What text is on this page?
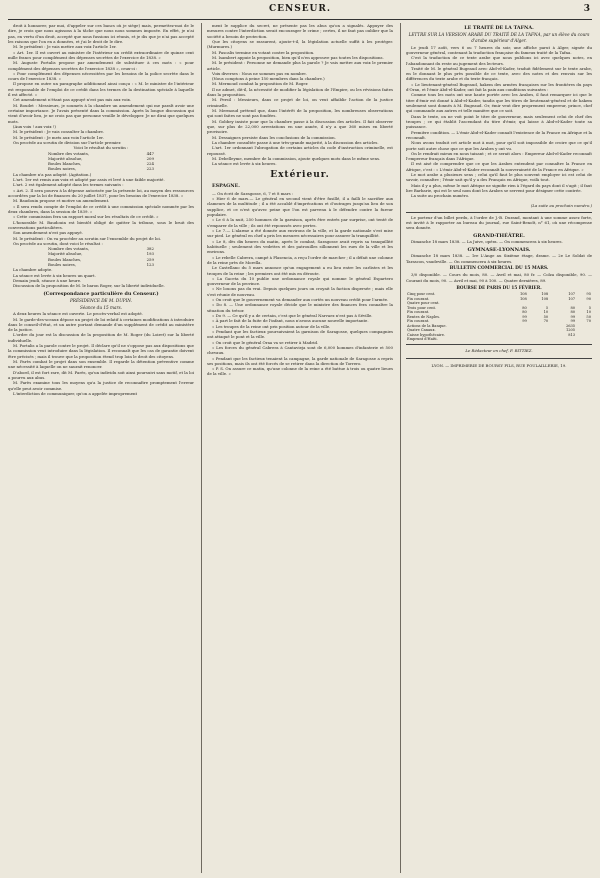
CENSEUR.	3

droit à honnorer, par moi, d'appeler sur ces bancs où je siège) mais, permettez-moi de le dire, je crois que nous agissons à la tâche que nous nous sommes imposée. En effet, je n'ai pas, en vertu d'un droit, accepté que nous fussions ici réunis, et je dis que je n'ai pas accepté les raisons que l'on en a données, et j'ai le droit de le dire.

M. le président : Je vais mettre aux voix l'article 1er.

« Art. 1er. Il est ouvert au ministre de l'intérieur un crédit extraordinaire de quinze cent mille francs pour complément des dépenses secrètes de l'exercice de 1838. »

M. Auguste Portalis propose par amendement de substituer à ces mots : « pour complément des dépenses secrètes de l'exercice 1838 », ceux-ci :

« Pour complément des dépenses nécessitées par les besoins de la police secrète dans le cours de l'exercice 1838. »

Il propose en outre un paragraphe additionnel ainsi conçu : « M. le ministre de l'intérieur est responsable de l'emploi de ce crédit dans les termes de la destination spéciale à laquelle il est affecté. »

Cet amendement n'étant pas appuyé n'est pas mis aux voix.

M. Boudet : Messieurs, je soumets à la chambre un amendement qui me paraît avoir une certaine importance. Je l'avais présenté dans la commission. Après la longue discussion qui vient d'avoir lieu, je ne crois pas que personne veuille le développer. Je ne dirai que quelques mots.

(Aux voix ! aux voix !)

M. le président : Je vais consulter la chambre.

M. le président : Je mets aux voix l'article 1er.

On procède au scrutin de division sur l'article premier.

Voici le résultat du scrutin :

Nombre des votants,	447
Majorité absolue,	209
Boules blanches,	224
Boules noires,	223

La chambre n'a pas adopté. (Agitation.)

L'art. 1er est remis aux voix et adopté par assis et levé à une faible majorité.

L'art. 2 est également adopté dans les termes suivants :

« Art. 2. Il sera pourvu à la dépense autorisée par la présente loi, au moyen des ressources accordées par la loi de finances du 20 juillet 1837, pour les besoins de l'exercice 1838. »

M. Baudouin propose et motive un amendement.

« Il sera rendu compte de l'emploi de ce crédit à une commission spéciale nommée par les deux chambres, dans la session de 1839. »

« Cette commission fera un rapport moral sur les résultats de ce crédit. »

L'honorable M. Baudouin est bientôt obligé de quitter la tribune, sous le bruit des conversations particulières.

Son amendement n'est pas appuyé.

M. le président : On va procéder au scrutin sur l'ensemble du projet de loi.

On procède au scrutin, dont voici le résultat :

Nombre des votants,	382
Majorité absolue,	193
Boules blanches,	259
Boules noires,	123

La chambre adopte.

La séance est levée à six heures un quart.

Demain jeudi, séance à une heure.

Discussion de la proposition de M. le baron Roger, sur la liberté individuelle.

(Correspondance particulière du Censeur.)

PRÉSIDENCE DE M. DUPIN.

Séance du 15 mars.

A deux heures la séance est ouverte. Le procès-verbal est adopté.

M. le garde-des-sceaux dépose un projet de loi relatif à certaines modifications à introduire dans le conseil-d'état, et un autre portant demande d'un supplément de crédit au ministère de la justice.

L'ordre du jour est la discussion de la proposition de M. Roger (du Loiret) sur la liberté individuelle.

M. Portalis a la parole contre le projet. Il déclare qu'il ne s'oppose pas aux dispositions que la commission veut introduire dans la législation. Il reconnaît que les cas de garantie doivent être précisés ; mais il trouve que la proposition étend trop loin le droit des citoyens.

M. Parès combat le projet dans son ensemble. Il regarde la détention préventive comme une nécessité à laquelle on ne saurait renoncer.

D'abord, il est fort rare, dit M. Parès, qu'un individu soit ainsi poursuivi sans motif, et la loi a pourvu aux abus.

M. Parès examine tous les moyens qu'a la justice de reconnaître promptement l'erreur qu'elle peut avoir commise.

L'interdiction de communiquer, qu'on a appelée improprement

ment le supplice du secret, ne présente pas les abus qu'on a signalés. Appuyer des mesures contre l'interdiction serait encourager le crime ; certes, il ne faut pas oublier que la société a besoin de protection.

Que les citoyens se rassurent, ajoute-t-il, la législation actuelle suffit à les protéger. (Murmures.)

M. Pascalis termine en votant contre la proposition.

M. Isambert appuie la proposition, bien qu'il n'en approuve pas toutes les dispositions.

M. le président : Personne ne demande plus la parole ? Je vais mettre aux voix le premier article.

Voix diverses : Nous ne sommes pas en nombre.

(Nous comptons à peine 150 membres dans la chambre.)

M. Mermoud combat la proposition de M. Roger.

Il ne admet, dit-il, la nécessité de modifier la législation de l'Empire, ou les révisions faites dans la proposition.

M. Persil : Messieurs, dans ce projet de loi, on veut affaiblir l'action de la justice criminelle.

M. Mermoud prétend que, dans l'intérêt de la proposition, les nombreuses observations qui sont faites ne sont pas fondées.

M. Gobbey insiste pour que la chambre passe à la discussion des articles. Il fait observer que, sur plus de 22,000 arrestations en une année, il n'y a que 360 mises en liberté provisoire.

M. Dessaignes persiste dans les conclusions de la commission.

La chambre consultée passe à une très-grande majorité, à la discussion des articles.

L'art. 1er ordonnant l'abrogation de certains articles du code d'instruction criminelle, est repoussé.

M. Debelleyme, membre de la commission, ajoute quelques mots dans le même sens.

La séance est levée à six heures.

Extérieur.

ESPAGNE.

— On écrit de Saragosse, 6, 7 et 8 mars :

« Hier 6 de mars.— Le général en second vient d'être fusillé, il a failli le sacrifier aux clameurs de la multitude ; il a été accablé d'imprécations et d'outrages jusqu'au lieu de son supplice, et ce n'est qu'avec peine que l'on est parvenu à le défendre contre la fureur populaire.

« Le 6 à la nuit, 250 hommes de la garnison, après être entrés par surprise, ont tenté de s'emparer de la ville ; ils ont été repoussés avec pertes.

« Le 7.— L'alarme a été donnée aux environs de la ville, et la garde nationale s'est mise sur pied. Le général en chef a pris les mesures nécessaires pour assurer la tranquillité.

« Le 8, dès dix heures du matin, après le combat, Saragosse avait repris sa tranquillité habituelle ; seulement des vedettes et des patrouilles sillonnent les rues de la ville et les environs.

« Le rebelle Cabrera, campé à Plasencia, a reçu l'ordre de marcher ; il a défait une colonne de la reine près de Morella.

Le Castellano du 5 mars annonce qu'un engagement a eu lieu entre les carlistes et les troupes de la reine ; les premiers ont été mis en déroute.

« La Gaceta du 10 publie une ordonnance royale qui nomme le général Espartero gouverneur de la province.

« Ne louons pas du vrai. Depuis quelques jours on croyait la faction dispersée ; mais elle s'est réunie de nouveau.

« On croit que le gouvernement va demander aux cortès un nouveau crédit pour l'armée.

« Do 8. — Une ordonnance royale décide que le ministre des finances fera connaître la situation du trésor.

« Do 9. — Ce qu'il y a de certain, c'est que le général Narvaez n'est pas à Séville.

« À part le fait de la fuite de l'infant, nous n'avons aucune nouvelle importante.

« Les troupes de la reine ont pris position autour de la ville.

« Pendant que les factieux poursuivaient la garnison de Saragosse, quelques compagnies ont attaqué le pont et la ville.

« On croit que le général Oraa va se retirer à Madrid.

« Les forces du général Cabrera à Cantavieja sont de 6,000 hommes d'infanterie et 500 chevaux.

« Pendant que les factieux tenaient la campagne, la garde nationale de Saragosse a repris ses positions, mais ils ont été forcés de se retirer dans la direction de Torrero.

« P. S. On assure ce matin, qu'une colonne de la reine a été battue à trois ou quatre lieues de la ville. »

LE TRAITÉ DE LA TAFNA.

LETTRE SUR LA VERSION ARABE DU TRAITÉ DE LA TAFNA, par un élève du cours d'arabe supérieur d'Alger.

Le jeudi 17 août, vers 6 ou 7 heures du soir, une affiche parut à Alger, signée du gouverneur général, contenant la traduction française du fameux traité de la Tafna.

C'est la traduction de ce texte arabe que nous publions ici avec quelques notes, en l'abandonnant du reste au jugement des lecteurs.

Traité de M. le général Bugeaud avec Abd-el-Kader, traduit fidèlement sur le texte arabe, en le donnant le plus près possible de ce texte, avec des notes et des renvois sur les différences du texte arabe et du texte français.

« Le lieutenant-général Bugeaud, hakem des armées françaises sur les frontières du pays d'Oran, et l'émir Abd-el-Kader, ont fait la paix aux conditions suivantes :

Comme tous les mots ont une haute portée avec les Arabes, il faut remarquer ici que le titre d'émir est donné à Abd-el-Kader, tandis que les titres de lieutenant-général et de hakem seulement sont donnés à M. Bugeaud. Or, émir veut dire proprement empereur, prince, chef qui commande aux autres et telle manière que ce soit.

Dans le texte, on ne voit point le titre de gouverneur, mais seulement celui de chef des troupes ; ce qui établit l'ascendant du titre d'émir, qui laisse à Abd-el-Kader toute sa puissance.

Première condition. — L'émir Abd-el-Kader connaît l'existence de la France en Afrique et la reconnaît.

Nous avons traduit cet article mot à mot, pour qu'il soit impossible de croire que ce qu'il porte soit autre chose que ce que les Arabes y ont vu.

On le rendrait mieux en nous taisant ; et ce serait alors : Empereur Abd-el-Kader reconnaît l'empereur français dans l'Afrique.

Il est aisé de comprendre que ce que les Arabes entendent par connaître la France en Afrique, c'est : « L'émir Abd-el-Kader reconnaît la souveraineté de la France en Afrique. »

Le mot arabe a plusieurs sens ; celui qu'il faut le plus souvent employer ici est celui de savoir, connaître ; l'émir sait qu'il y a des Français en Afrique, voilà tout.

Mais il y a plus, même le mot Afrique ne signifie rien à l'égard du pays dont il s'agit ; il faut lire Barbarie, qui est le seul nom dont les Arabes se servent pour désigner cette contrée.

La suite au prochain numéro.

(La suite au prochain numéro.)

Le porteur d'un billet perdu, à l'ordre de J.-B. Durand, montant à une somme assez forte, est invité à le rapporter au bureau du journal, rue Saint-Benoît, n° 61, où une récompense sera donnée.

GRAND-THÉÂTRE.

Dimanche 18 mars 1838. — La Juive, opéra. — On commencera à six heures.

GYMNASE-LYONNAIS.

Dimanche 18 mars 1838. — 1re L'Ange au Sixième étage, drame. — 2e Le Soldat de Tarascon, vaudeville. — On commencera à six heures.

BULLETIN COMMERCIAL DU 15 MARS.

3/0 disponible. — Cours du mois, 80. — Avril et mai, 80 fr. — Colza disponible, 90. — Courant du mois, 90. — Avril et mai, 90 à 100. — Quatre dernières, 89.

BOURSE DE PARIS DU 15 FÉVRIER.

Cinq pour cent.	108	108	107	95
Fin courant.	108	108	107	90
Quatre pour cent.				
Trois pour cent.	80	5	80	5
Fin courant.	80	10	80	10
Rentes de Naples.	99	50	99	50
Fin courant.	99	70	99	70
Actions de la Banque.			2635	
Quatre Canaux.			1205	
Caisse hypothécaire.			813	
Emprunt d'Haïti.				

Le Rédacteur en chef, F. RITTIEZ.

LYON. — IMPRIMERIE DE BOURSY FILS, RUE POULAILLERIE, 19.
